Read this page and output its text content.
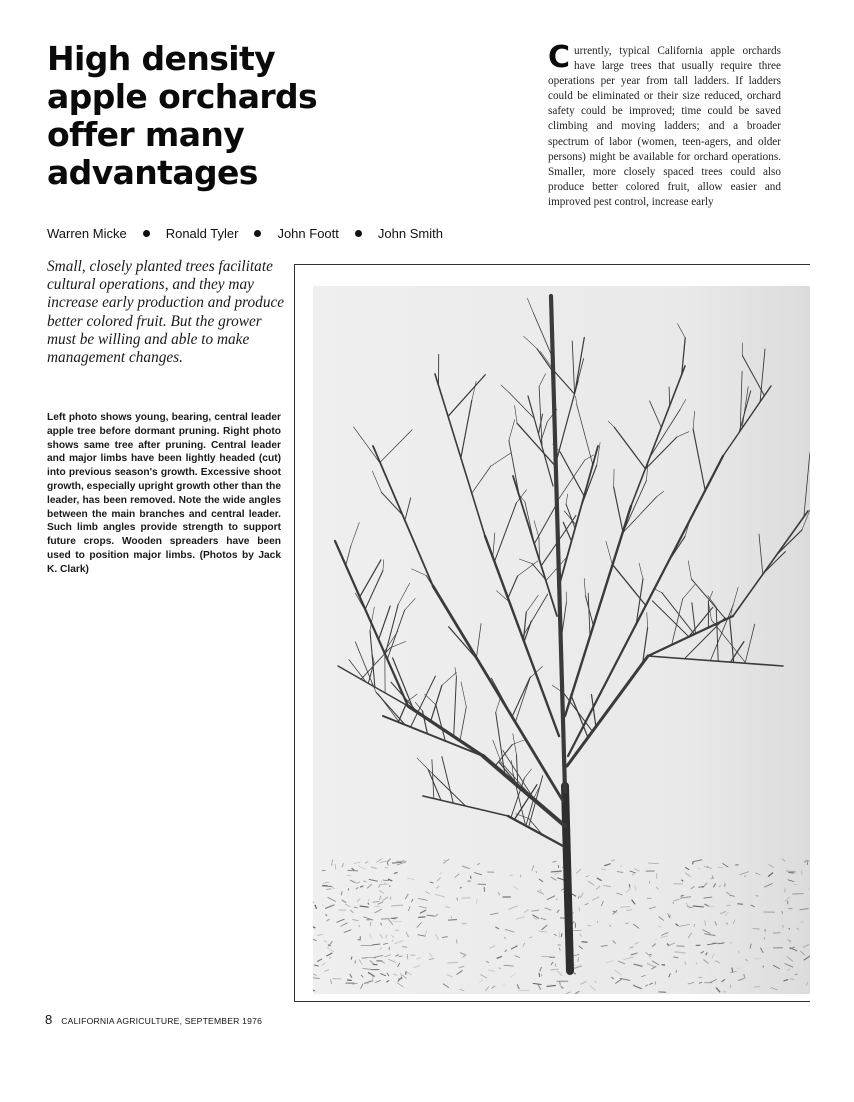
High density
apple orchards
offer many
advantages
Warren Micke	Ronald Tyler	John Foott	John Smith

Currently, typical California apple orchards have large trees that usually require three operations per year from tall ladders. If ladders could be eliminated or their size reduced, orchard safety could be improved; time could be saved climbing and moving ladders; and a broader spectrum of labor (women, teen-agers, and older persons) might be available for orchard operations. Smaller, more closely spaced trees could also produce better colored fruit, allow easier and improved pest control, increase early

Small, closely planted trees facilitate cultural operations, and they may increase early production and produce better colored fruit. But the grower must be willing and able to make management changes.

Left photo shows young, bearing, central leader apple tree before dormant pruning. Right photo shows same tree after pruning. Central leader and major limbs have been lightly headed (cut) into previous season's growth. Excessive shoot growth, especially upright growth other than the leader, has been removed. Note the wide angles between the main branches and central leader. Such limb angles provide strength to support future crops. Wooden spreaders have been used to position major limbs. (Photos by Jack K. Clark)

8 CALIFORNIA AGRICULTURE, SEPTEMBER 1976
